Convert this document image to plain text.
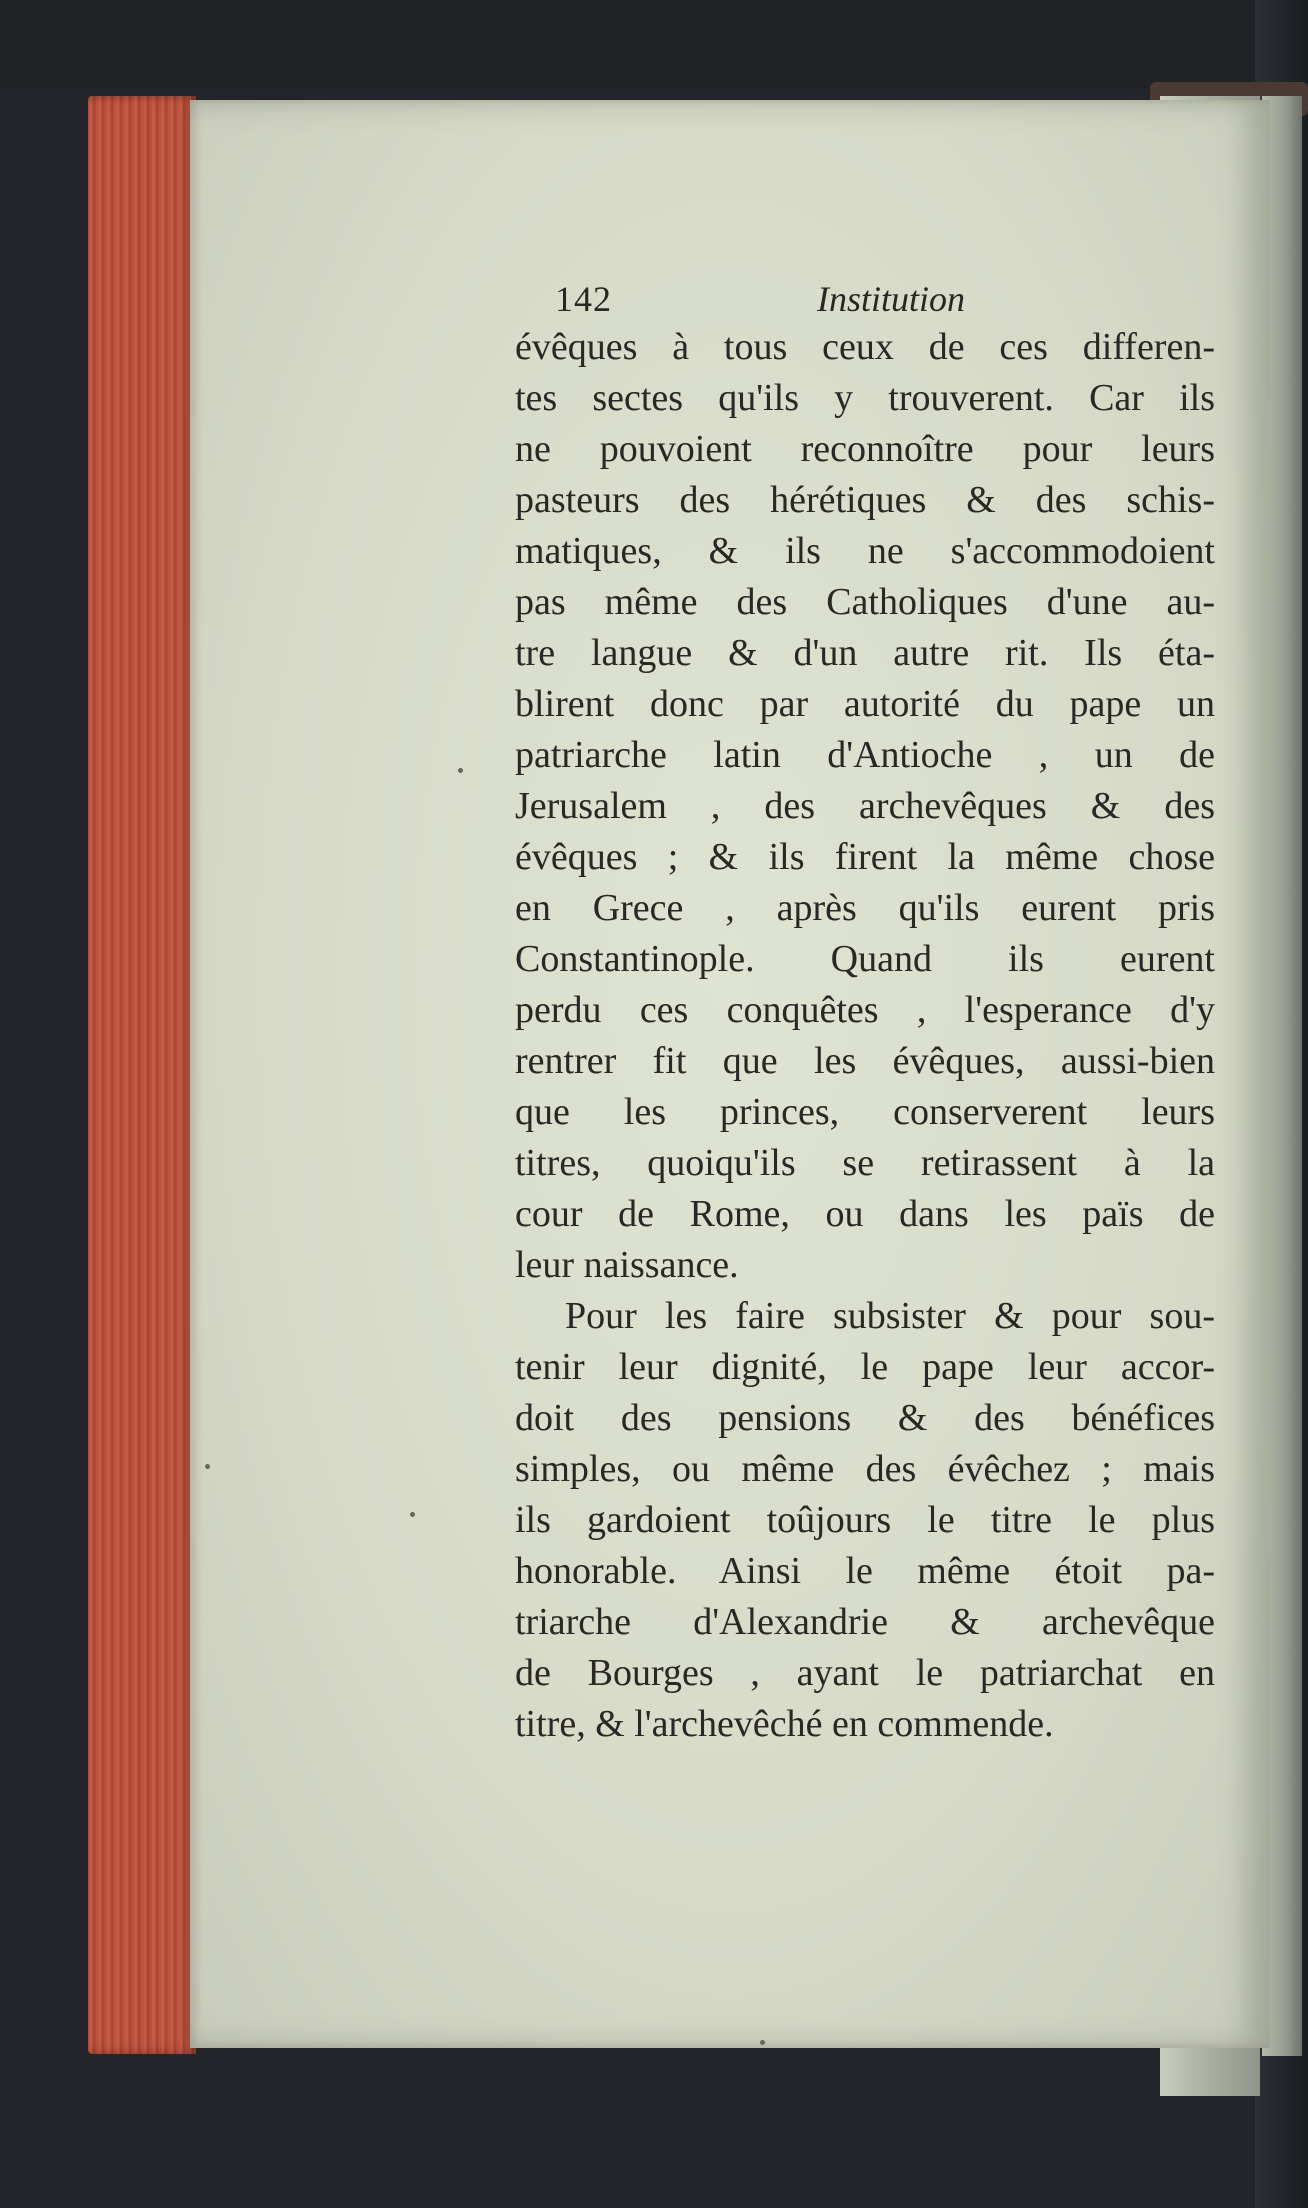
142	Institution
évêques à tous ceux de ces differen-
tes sectes qu'ils y trouverent. Car ils
ne pouvoient reconnoître pour leurs
pasteurs des hérétiques & des schis-
matiques, & ils ne s'accommodoient
pas même des Catholiques d'une au-
tre langue & d'un autre rit. Ils éta-
blirent donc par autorité du pape un
patriarche latin d'Antioche , un de
Jerusalem , des archevêques & des
évêques ; & ils firent la même chose
en Grece , après qu'ils eurent pris
Constantinople. Quand ils eurent
perdu ces conquêtes , l'esperance d'y
rentrer fit que les évêques, aussi-bien
que les princes, conserverent leurs
titres, quoiqu'ils se retirassent à la
cour de Rome, ou dans les païs de
leur naissance.
Pour les faire subsister & pour sou-
tenir leur dignité, le pape leur accor-
doit des pensions & des bénéfices
simples, ou même des évêchez ; mais
ils gardoient toûjours le titre le plus
honorable. Ainsi le même étoit pa-
triarche d'Alexandrie & archevêque
de Bourges , ayant le patriarchat en
titre, & l'archevêché en commende.
